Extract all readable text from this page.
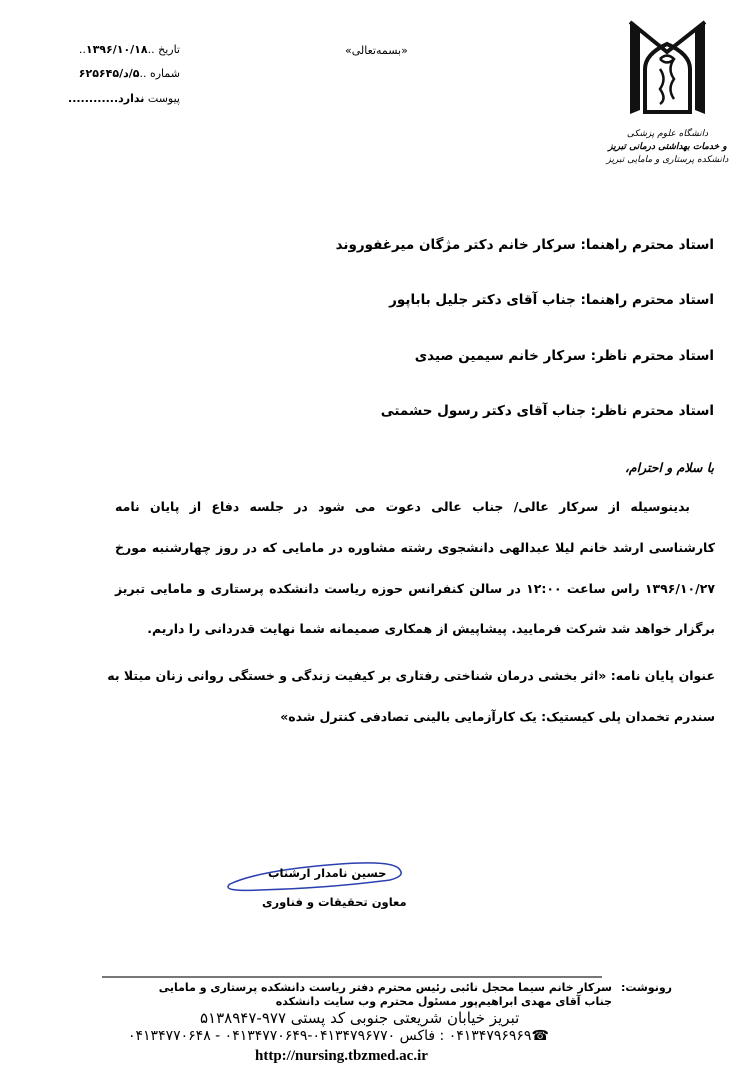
دانشگاه علوم پزشکی
و خدمات بهداشتی درمانی تبریز
دانشکده پرستاری و مامایی تبریز
«بسمه‌تعالی»
تاریخ ..۱۳۹۶/۱۰/۱۸..
شماره ..۵/د/۶۲۵۶۴۵
پیوست ندارد............
استاد محترم راهنما: سرکار خانم دکتر مژگان میرغفوروند
استاد محترم راهنما: جناب آقای دکتر جلیل باباپور
استاد محترم ناظر: سرکار خانم سیمین صیدی
استاد محترم ناظر: جناب آقای دکتر رسول حشمتی
با سلام و احترام،
بدینوسیله از سرکار عالی/ جناب عالی دعوت می شود در جلسه دفاع از پایان نامه
کارشناسی ارشد خانم لیلا عبدالهی دانشجوی رشته مشاوره در مامایی که در روز چهارشنبه مورخ
۱۳۹۶/۱۰/۲۷ راس ساعت ۱۲:۰۰ در سالن کنفرانس حوزه ریاست دانشکده پرستاری و مامایی تبریز
برگزار خواهد شد شرکت فرمایید. پیشاپیش از همکاری صمیمانه شما نهایت قدردانی را داریم.
عنوان پایان نامه: «اثر بخشی درمان شناختی رفتاری بر کیفیت زندگی و خستگی روانی زنان مبتلا به
سندرم تخمدان پلی کیستیک: یک کارآزمایی بالینی تصادفی کنترل شده»
حسین نامدار ارشناب
معاون تحقیقات و فناوری
رونوشت:
سرکار خانم سیما محجل نائبی رئیس محترم دفتر ریاست دانشکده پرستاری و مامایی
جناب آقای مهدی ابراهیم‌پور مسئول محترم وب سایت دانشکده
تبریز خیابان شریعتی جنوبی کد پستی ۹۷۷-۵۱۳۸۹۴۷
☎۰۴۱۳۴۷۹۶۹۶۹ : فاکس ۰۴۱۳۴۷۹۶۷۷۰-۰۴۱۳۴۷۷۰۶۴۹ - ۰۴۱۳۴۷۷۰۶۴۸
http://nursing.tbzmed.ac.ir
